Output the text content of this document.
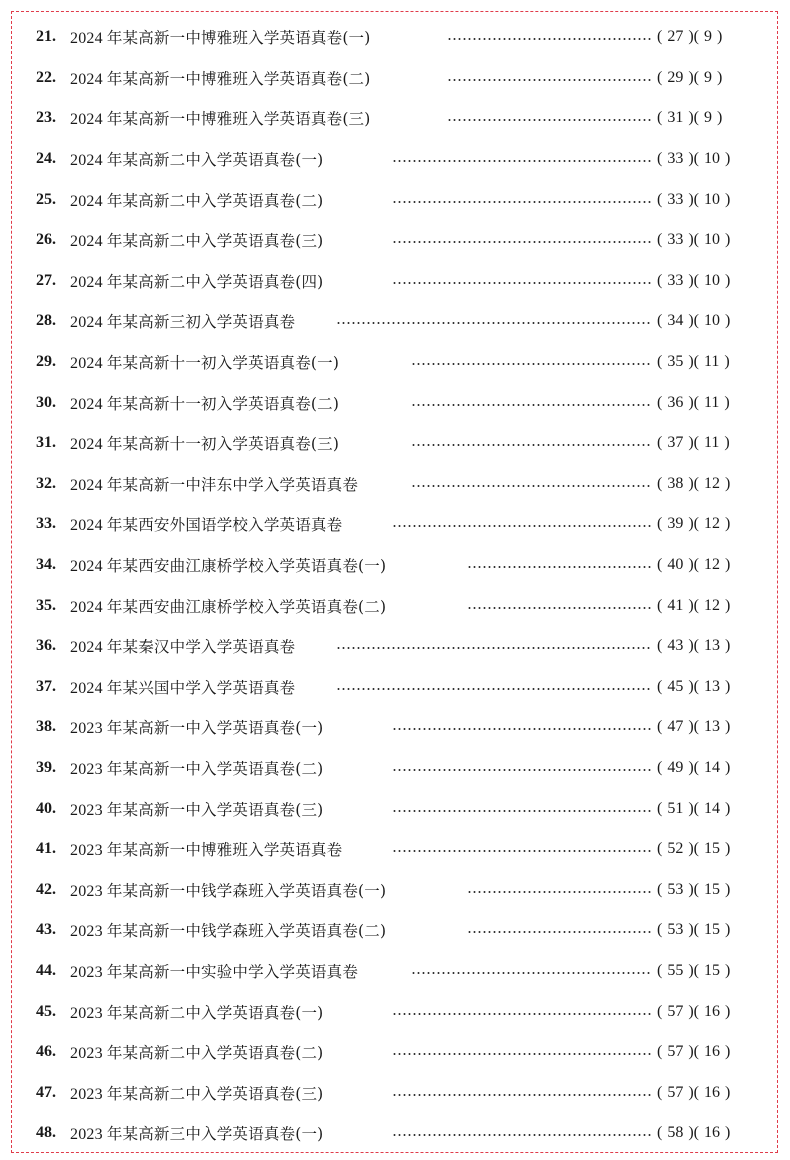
21. 2024 年某高新一中博雅班入学英语真卷(一)	( 27 )( 9 )
22. 2024 年某高新一中博雅班入学英语真卷(二)	( 29 )( 9 )
23. 2024 年某高新一中博雅班入学英语真卷(三)	( 31 )( 9 )
24. 2024 年某高新二中入学英语真卷(一)	( 33 )( 10 )
25. 2024 年某高新二中入学英语真卷(二)	( 33 )( 10 )
26. 2024 年某高新二中入学英语真卷(三)	( 33 )( 10 )
27. 2024 年某高新二中入学英语真卷(四)	( 33 )( 10 )
28. 2024 年某高新三初入学英语真卷	( 34 )( 10 )
29. 2024 年某高新十一初入学英语真卷(一)	( 35 )( 11 )
30. 2024 年某高新十一初入学英语真卷(二)	( 36 )( 11 )
31. 2024 年某高新十一初入学英语真卷(三)	( 37 )( 11 )
32. 2024 年某高新一中沣东中学入学英语真卷	( 38 )( 12 )
33. 2024 年某西安外国语学校入学英语真卷	( 39 )( 12 )
34. 2024 年某西安曲江康桥学校入学英语真卷(一)	( 40 )( 12 )
35. 2024 年某西安曲江康桥学校入学英语真卷(二)	( 41 )( 12 )
36. 2024 年某秦汉中学入学英语真卷	( 43 )( 13 )
37. 2024 年某兴国中学入学英语真卷	( 45 )( 13 )
38. 2023 年某高新一中入学英语真卷(一)	( 47 )( 13 )
39. 2023 年某高新一中入学英语真卷(二)	( 49 )( 14 )
40. 2023 年某高新一中入学英语真卷(三)	( 51 )( 14 )
41. 2023 年某高新一中博雅班入学英语真卷	( 52 )( 15 )
42. 2023 年某高新一中钱学森班入学英语真卷(一)	( 53 )( 15 )
43. 2023 年某高新一中钱学森班入学英语真卷(二)	( 53 )( 15 )
44. 2023 年某高新一中实验中学入学英语真卷	( 55 )( 15 )
45. 2023 年某高新二中入学英语真卷(一)	( 57 )( 16 )
46. 2023 年某高新二中入学英语真卷(二)	( 57 )( 16 )
47. 2023 年某高新二中入学英语真卷(三)	( 57 )( 16 )
48. 2023 年某高新三中入学英语真卷(一)	( 58 )( 16 )
